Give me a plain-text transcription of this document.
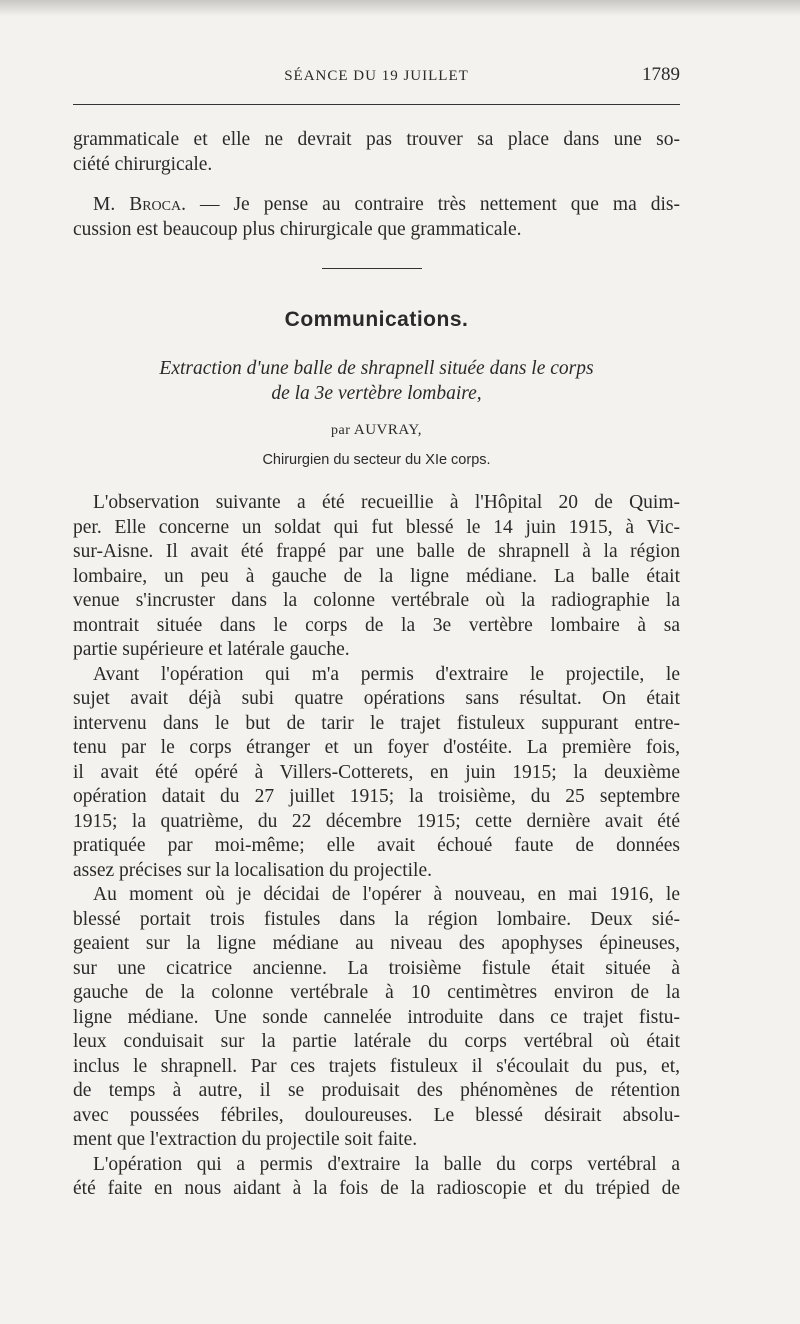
SÉANCE DU 19 JUILLET	1789
grammaticale et elle ne devrait pas trouver sa place dans une so-
ciété chirurgicale.
M. Broca. — Je pense au contraire très nettement que ma dis-
cussion est beaucoup plus chirurgicale que grammaticale.
Communications.
Extraction d'une balle de shrapnell située dans le corps
de la 3e vertèbre lombaire,
par AUVRAY,
Chirurgien du secteur du XIe corps.
L'observation suivante a été recueillie à l'Hôpital 20 de Quim-
per. Elle concerne un soldat qui fut blessé le 14 juin 1915, à Vic-
sur-Aisne. Il avait été frappé par une balle de shrapnell à la région
lombaire, un peu à gauche de la ligne médiane. La balle était
venue s'incruster dans la colonne vertébrale où la radiographie la
montrait située dans le corps de la 3e vertèbre lombaire à sa
partie supérieure et latérale gauche.
Avant l'opération qui m'a permis d'extraire le projectile, le
sujet avait déjà subi quatre opérations sans résultat. On était
intervenu dans le but de tarir le trajet fistuleux suppurant entre-
tenu par le corps étranger et un foyer d'ostéite. La première fois,
il avait été opéré à Villers-Cotterets, en juin 1915; la deuxième
opération datait du 27 juillet 1915; la troisième, du 25 septembre
1915; la quatrième, du 22 décembre 1915; cette dernière avait été
pratiquée par moi-même; elle avait échoué faute de données
assez précises sur la localisation du projectile.
Au moment où je décidai de l'opérer à nouveau, en mai 1916, le
blessé portait trois fistules dans la région lombaire. Deux sié-
geaient sur la ligne médiane au niveau des apophyses épineuses,
sur une cicatrice ancienne. La troisième fistule était située à
gauche de la colonne vertébrale à 10 centimètres environ de la
ligne médiane. Une sonde cannelée introduite dans ce trajet fistu-
leux conduisait sur la partie latérale du corps vertébral où était
inclus le shrapnell. Par ces trajets fistuleux il s'écoulait du pus, et,
de temps à autre, il se produisait des phénomènes de rétention
avec poussées fébriles, douloureuses. Le blessé désirait absolu-
ment que l'extraction du projectile soit faite.
L'opération qui a permis d'extraire la balle du corps vertébral a
été faite en nous aidant à la fois de la radioscopie et du trépied de
